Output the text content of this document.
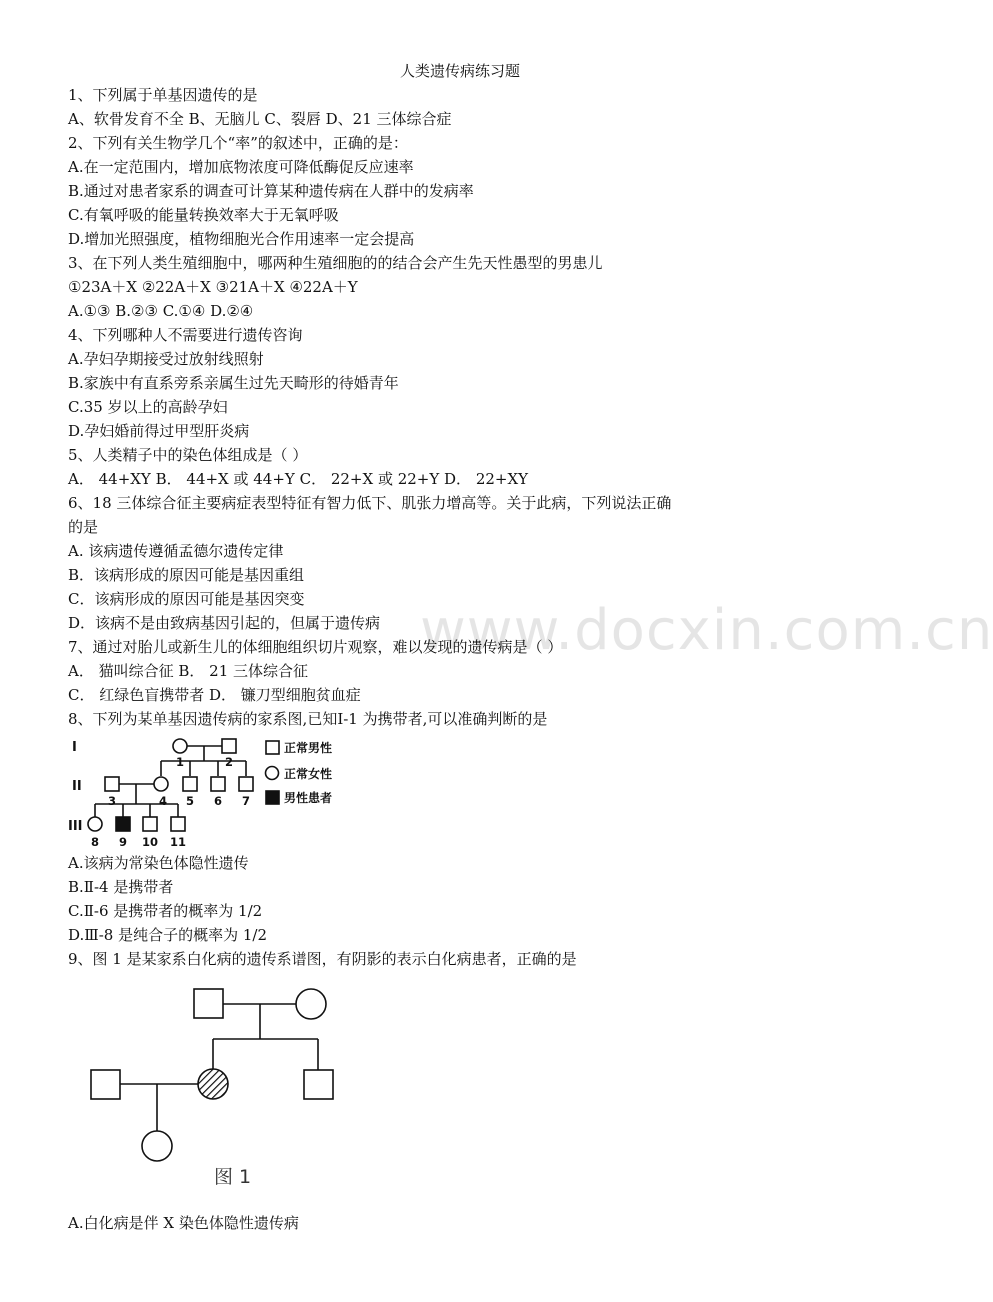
人类遗传病练习题
1、下列属于单基因遗传的是
A、软骨发育不全 B、无脑儿 C、裂唇 D、21 三体综合症
2、下列有关生物学几个“率”的叙述中，正确的是：
A.在一定范围内，增加底物浓度可降低酶促反应速率
B.通过对患者家系的调查可计算某种遗传病在人群中的发病率
C.有氧呼吸的能量转换效率大于无氧呼吸
D.增加光照强度，植物细胞光合作用速率一定会提高
3、在下列人类生殖细胞中，哪两种生殖细胞的的结合会产生先天性愚型的男患儿
①23A＋X ②22A＋X ③21A＋X ④22A＋Y
A.①③ B.②③ C.①④ D.②④
4、下列哪种人不需要进行遗传咨询
A.孕妇孕期接受过放射线照射
B.家族中有直系旁系亲属生过先天畸形的待婚青年
C.35 岁以上的高龄孕妇
D.孕妇婚前得过甲型肝炎病
5、人类精子中的染色体组成是（ ）
A． 44+XY B． 44+X 或 44+Y C． 22+X 或 22+Y D． 22+XY
6、18 三体综合征主要病症表型特征有智力低下、肌张力增高等。关于此病，下列说法正确
的是
A. 该病遗传遵循孟德尔遗传定律
B．该病形成的原因可能是基因重组
C．该病形成的原因可能是基因突变
D．该病不是由致病基因引起的，但属于遗传病
7、通过对胎儿或新生儿的体细胞组织切片观察，难以发现的遗传病是（ ）
A． 猫叫综合征 B． 21 三体综合征
C． 红绿色盲携带者 D． 镰刀型细胞贫血症
8、下列为某单基因遗传病的家系图,已知Ⅰ-1 为携带者,可以准确判断的是
www.docxin.com.cn
I
II
III
1	2
3	4 5 6 7
8 9 10 11
正常男性
正常女性
男性患者
A.该病为常染色体隐性遗传
B.Ⅱ-4 是携带者
C.Ⅱ-6 是携带者的概率为 1/2
D.Ⅲ-8 是纯合子的概率为 1/2
9、图 1 是某家系白化病的遗传系谱图，有阴影的表示白化病患者，正确的是
图 1
A.白化病是伴 X 染色体隐性遗传病
